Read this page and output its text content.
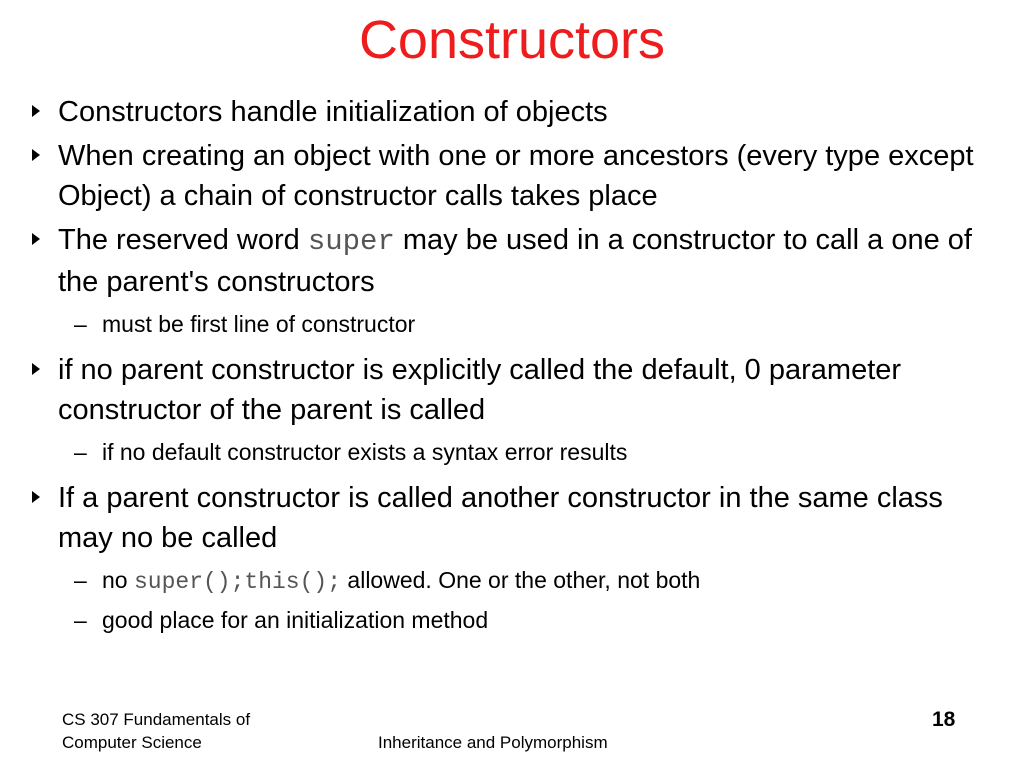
Constructors
Constructors handle initialization of objects
When creating an object with one or more ancestors (every type except Object) a chain of constructor calls takes place
The reserved word super may be used in a constructor to call a one of the parent's constructors
– must be first line of constructor
if no parent constructor is explicitly called the default, 0 parameter constructor of the parent is called
– if no default constructor exists a syntax error results
If a parent constructor is called another constructor in the same class may no be called
– no super();this(); allowed. One or the other, not both
– good place for an initialization method
CS 307 Fundamentals of
Computer Science	Inheritance and Polymorphism
18
